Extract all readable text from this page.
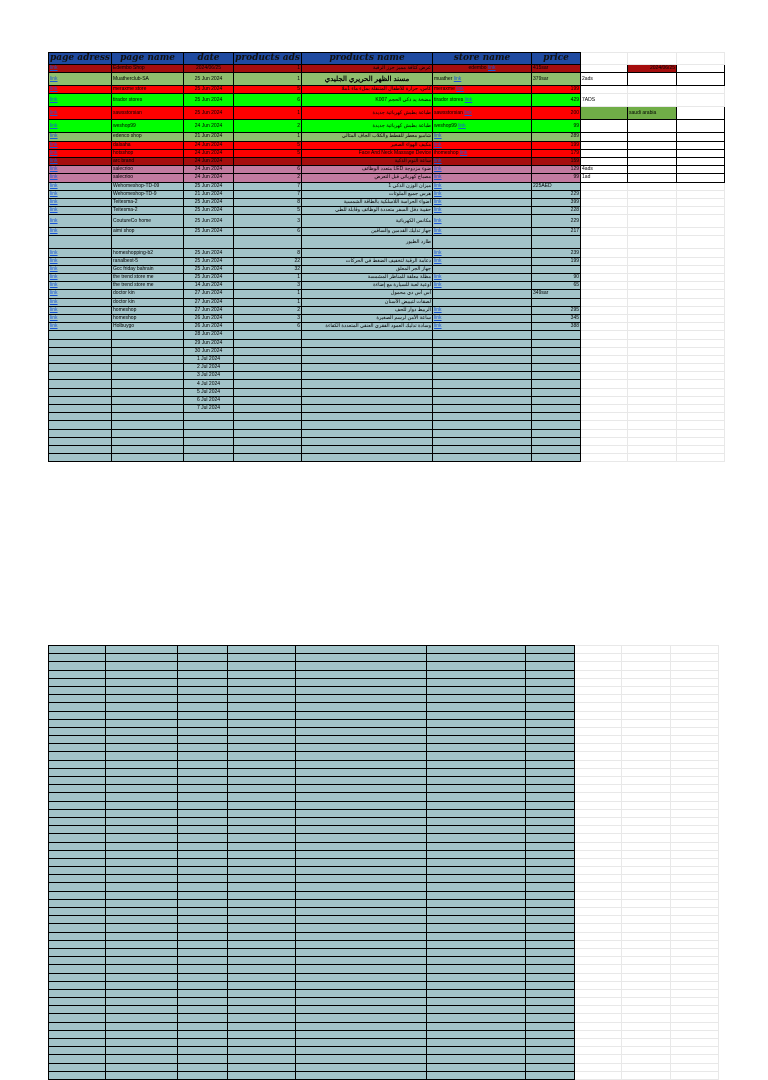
page adress	page name	date	products ads	products name	store name	price			
link	Edembo Shop	2024/06/25	1	عرض كثافة مميز حرز الرقبة	edembo link	415sar		2024/06/25	
link	Muatherclub-SA	25 Jun 2024	1	مسند الظهر الحريري الجليدي	muather link	379sar	2ads		
link	meraxme store	25 Jun 2024	5	كاس، حرارة للأطفال المتنقلة بملء ماء 1ملا	meraxme link	199			
link	tirador stores	25 Jun 2024	6	مضخة يد ذكي الحجم K007	tirador stores link	429	7ADS		
link	sawsstorsian	25 Jun 2024	1	طباعة بطبش كهربائية جديدة	sawsstorsian link	200		saudi arabia	
link	weshop99	24 Jun 2024	2	طباعة بطبش كهربائية جديدة	weshop99 link	99			
link	edenco shop	21 Jun 2024	1	شامبو معطر للقطط والكلاب الجاف المثالي	link	289			
link	dalsaha	24 Jun 2024	5	مكيف الهواء الصغير	link	199			
link	hotsshop	24 Jun 2024	5	Face And Neck Massage Device	ihomeshop link	179			
link	arc brand	24 Jun 2024		ساعة النوم الذكية	link	159			
link	salecrioo	24 Jun 2024	6	ضوء مزدوجة LED متعدد الوظائف	link	129	4ads		
link	salecrioo	24 Jun 2024	2	مصباح كهربائي قبل التعرض	link	99	1ad		
link	Wehomeshop-TD-09	25 Jun 2024	7	ميزان الوزن الذكي 1	link	225AED			
link	Wehomeshop-TD-9	21 Jun 2024	7	هرس جميع الملوثات	link	229			
link	Teitesma-2	25 Jun 2024	8	أضواء الحراسة اللاسلكية بالطاقة الشمسية	link	399			
link	Teitesma-2	25 Jun 2024	5	حقيبة دفل السفر متعددة الوظائف وقابلة للطي	link	228			
link	CoutureCo home	25 Jun 2024	3	مكانس الكهربائية	link	229			
link	aimi shop	25 Jun 2024	6	جهاز تدليك القدمين والساقين	link	217			
				طارد الطيور					
link	homeshopping-b2	25 Jun 2024	8		link	239			
link	ranalbest-5	25 Jun 2024	22	دعامة الرقبة لتخفيف الضغط في الحركات	link	199			
link	Gcc friday bahrain	25 Jun 2024	32	جهاز الجر المعلق					
link	the trend store me	25 Jun 2024	1	مظلة معلقة للمناظر المشمسة	link	90			
link	the trend store me	14 Jun 2024	3	أوعية لعبة للسيارة مع إضاءة	link	65			
link	doctor kin	27 Jun 2024	1	أس أس دي محمول		349sar			
link	doctor kin	27 Jun 2024	1	لصقات لتبييض الأسنان					
link	homeshop	27 Jun 2024	2	الربيط دوار للحف	link	295			
link	homeshop	26 Jun 2024	3	ساعة الأمن لرسم الصغيرة	link	345			
link	Holbuygo	26 Jun 2024	6	وسادة تدليك العمود الفقري العنقي المتعددة الكفاءة	link	388			
		28 Jun 2024							
		29 Jun 2024							
		30 Jun 2024							
		1 Jul 2024							
		2 Jul 2024							
		3 Jul 2024							
		4 Jul 2024							
		5 Jul 2024							
		6 Jul 2024							
		7 Jul 2024							
